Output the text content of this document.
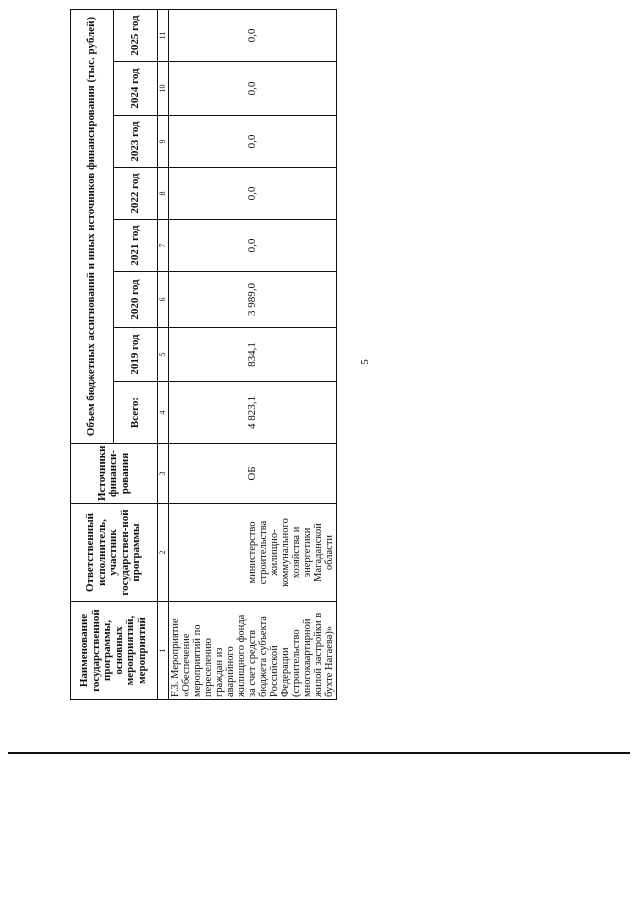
5
Наименование государственной программы, основных мероприятий, мероприятий	Ответственный исполнитель, участник государствен-ной программы	Источники финанси-рования	Объем бюджетных ассигнований и иных источников финансирования (тыс. рублей)							
			Всего:	2019 год	2020 год	2021 год	2022 год	2023 год	2024 год	2025 год
1	2	3	4	5	6	7	8	9	10	11
F.3. Мероприятие «Обеспечение мероприятий по переселению граждан из аварийного жилищного фонда за счет средств бюджета субъекта Российской Федерации (строительство многоквартирной жилой застройки в бухте Нагаева)»	министерство строительства жилищно-коммунального хозяйства и энергетики Магаданской области	ОБ	4 823,1	834,1	3 989,0	0,0	0,0	0,0	0,0	0,0
